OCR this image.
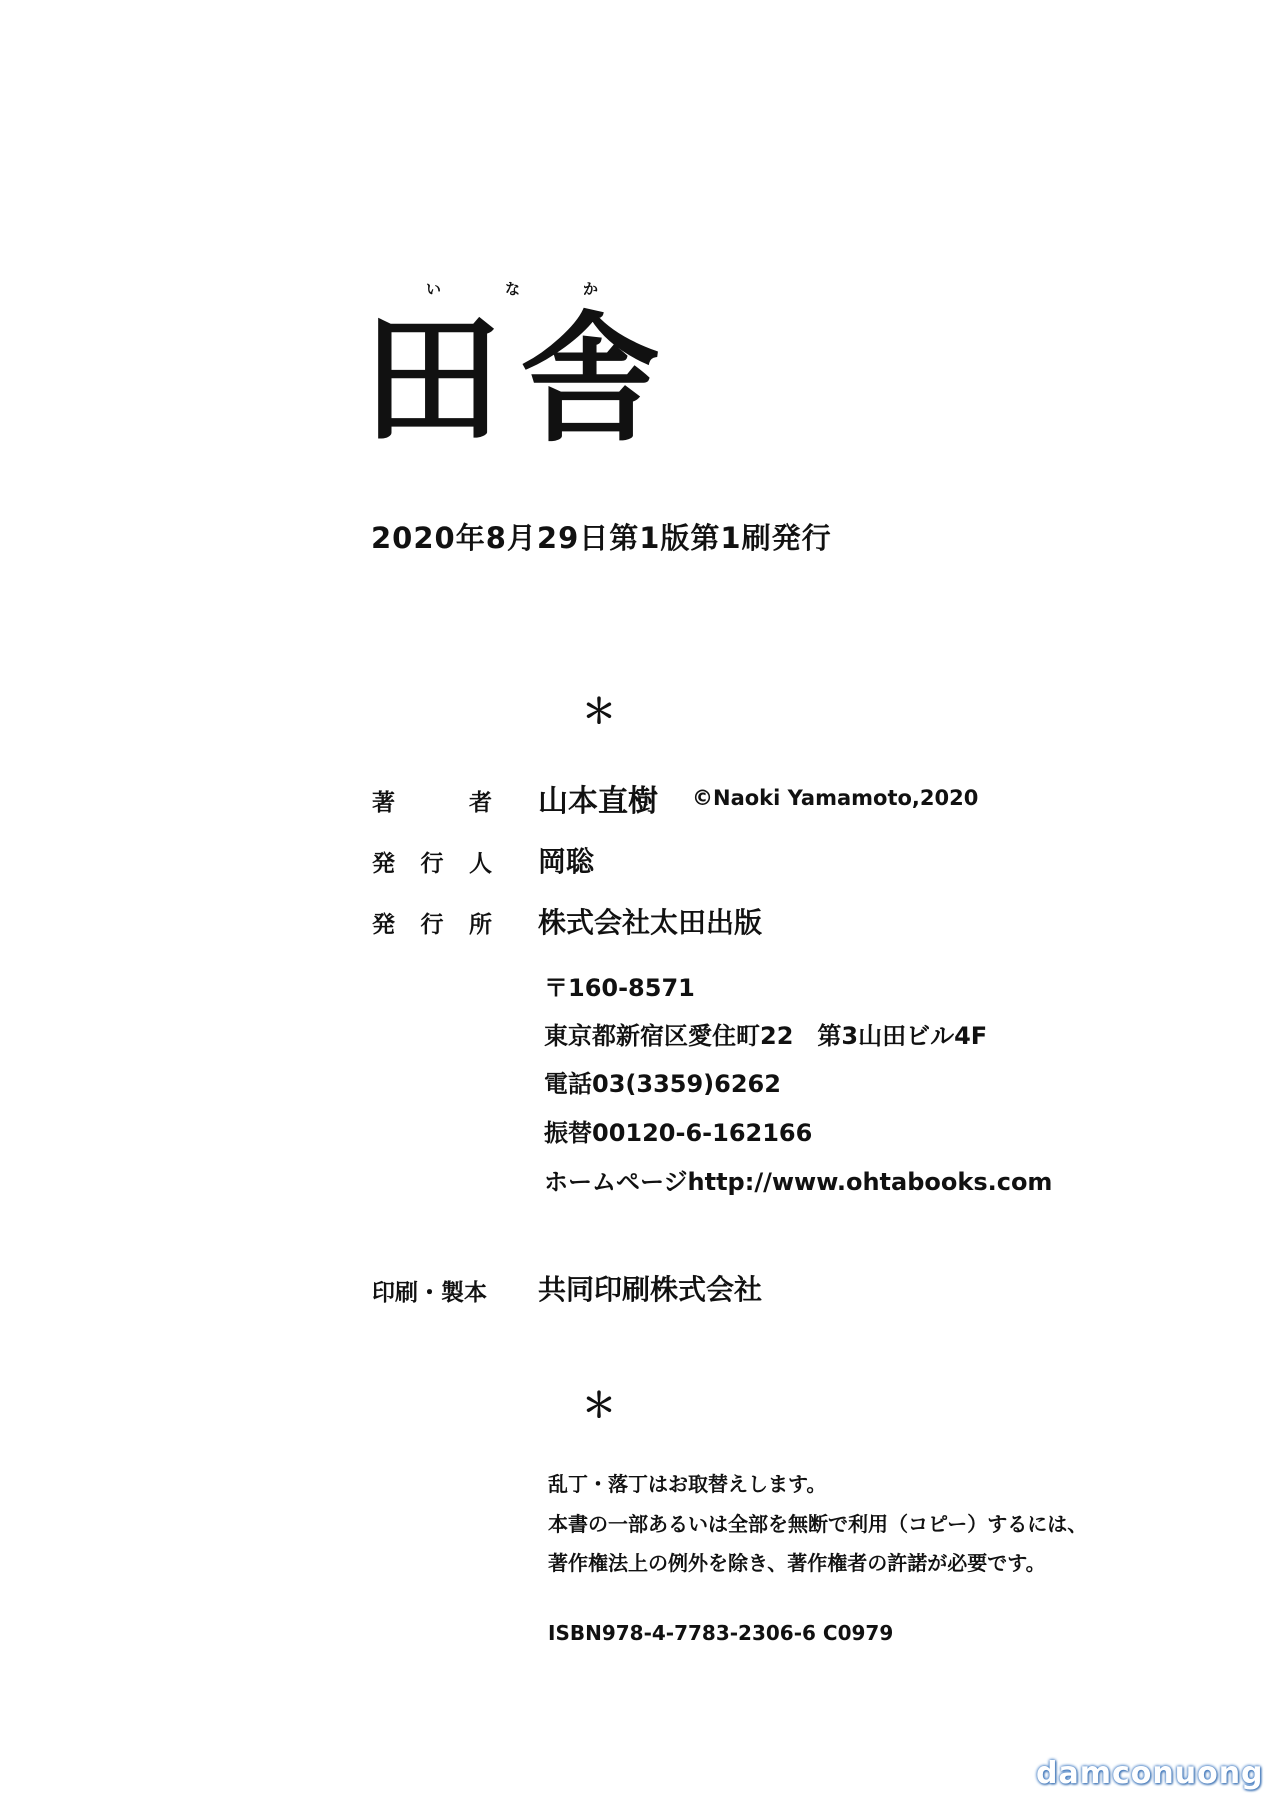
い	な	か
田舎
2020年8月29日第1版第1刷発行
＊
著	者 山本直樹 ©Naoki Yamamoto,2020
発 行 人 岡聡
発 行 所 株式会社太田出版
〒160-8571
東京都新宿区愛住町22　第3山田ビル4F
電話03(3359)6262
振替00120-6-162166
ホームページhttp://www.ohtabooks.com
印刷・製本 共同印刷株式会社
＊
乱丁・落丁はお取替えします。
本書の一部あるいは全部を無断で利用（コピー）するには、
著作権法上の例外を除き、著作権者の許諾が必要です。
ISBN978-4-7783-2306-6 C0979
damconuong
